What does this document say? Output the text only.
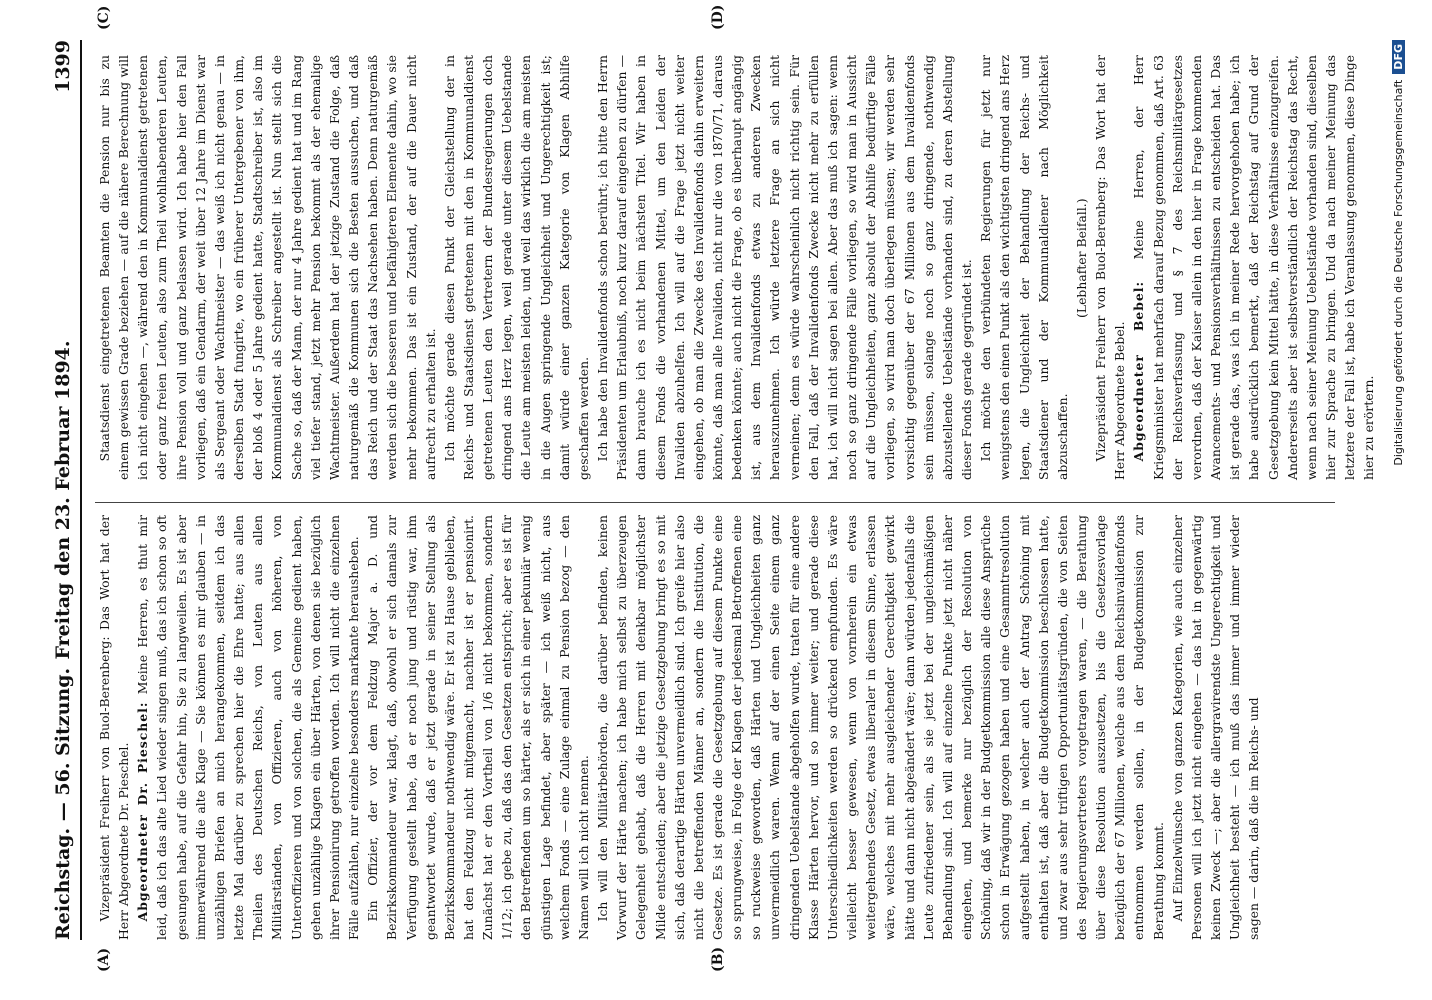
Reichstag. — 56. Sitzung.
Freitag den 23. Februar 1894.
1399
(A)	(B)
(C)	(D)

Vizepräsident Freiherr von Buol-Berenberg: Das Wort hat der Herr Abgeordnete Dr. Pieschel. Abgeordneter Dr. Pieschel: Meine Herren, es thut mir leid, daß ich das alte Lied wieder singen muß, das ich schon so oft gesungen habe, auf die Gefahr hin, Sie zu langweilen. Es ist aber immerwährend die alte Klage — Sie können es mir glauben — in unzähligen Briefen an mich herangekommen, seitdem ich das letzte Mal darüber zu sprechen hier die Ehre hatte; aus allen Theilen des Deutschen Reichs, von Leuten aus allen Militärständen, von Offizieren, auch von höheren, von Unteroffizieren und von solchen, die als Gemeine gedient haben, gehen unzählige Klagen ein über Härten, von denen sie bezüglich ihrer Pensionirung getroffen worden. Ich will nicht die einzelnen Fälle aufzählen, nur einzelne besonders markante herausheben. Ein Offizier, der vor dem Feldzug Major a. D. und Bezirkskommandeur war, klagt, daß, obwohl er sich damals zur Verfügung gestellt habe, da er noch jung und rüstig war, ihm geantwortet wurde, daß er jetzt gerade in seiner Stellung als Bezirkskommandeur nothwendig wäre. Er ist zu Hause geblieben, hat den Feldzug nicht mitgemacht, nachher ist er pensionirt. Zunächst hat er den Vortheil von 1/6 nicht bekommen, sondern 1/12; ich gebe zu, daß das den Gesetzen entspricht; aber es ist für den Betreffenden um so härter, als er sich in einer pekuniär wenig günstigen Lage befindet, aber später — ich weiß nicht, aus welchem Fonds — eine Zulage einmal zu Pension bezog — den Namen will ich nicht nennen. Ich will den Militärbehörden, die darüber befinden, keinen Vorwurf der Härte machen; ich habe mich selbst zu überzeugen Gelegenheit gehabt, daß die Herren mit denkbar möglichster Milde entscheiden; aber die jetzige Gesetzgebung bringt es so mit sich, daß derartige Härten unvermeidlich sind. Ich greife hier also nicht die betreffenden Männer an, sondern die Institution, die Gesetze. Es ist gerade die Gesetzgebung auf diesem Punkte eine so sprungweise, in Folge der Klagen der jedesmal Betroffenen eine so ruckweise geworden, daß Härten und Ungleichheiten ganz unvermeidlich waren. Wenn auf der einen Seite einem ganz dringenden Uebelstande abgeholfen wurde, traten für eine andere Klasse Härten hervor, und so immer weiter; und gerade diese Unterschiedlichkeiten werden so drückend empfunden. Es wäre vielleicht besser gewesen, wenn von vornherein ein etwas weitergehendes Gesetz, etwas liberaler in diesem Sinne, erlassen wäre, welches mit mehr ausgleichender Gerechtigkeit gewirkt hätte und dann nicht abgeändert wäre; dann würden jedenfalls die Leute zufriedener sein, als sie jetzt bei der ungleichmäßigen Behandlung sind. Ich will auf einzelne Punkte jetzt nicht näher eingehen, und bemerke nur bezüglich der Resolution von Schöning, daß wir in der Budgetkommission alle diese Ansprüche schon in Erwägung gezogen haben und eine Gesammtresolution aufgestellt haben, in welcher auch der Antrag Schöning mit enthalten ist, daß aber die Budgetkommission beschlossen hatte, und zwar aus sehr triftigen Opportunitätsgründen, die von Seiten des Regierungsvertreters vorgetragen waren, — die Berathung über diese Resolution auszusetzen, bis die Gesetzesvorlage bezüglich der 67 Millionen, welche aus dem Reichsinvalidenfonds entnommen werden sollen, in der Budgetkommission zur Berathung kommt. Auf Einzelwünsche von ganzen Kategorien, wie auch einzelner Personen will ich jetzt nicht eingehen — das hat in gegenwärtig keinen Zweck —; aber die allergravirendste Ungerechtigkeit und Ungleichheit besteht — ich muß das immer und immer wieder sagen — darin, daß die im Reichs- und

Staatsdienst eingetretenen Beamten die Pension nur bis zu einem gewissen Grade beziehen — auf die nähere Berechnung will ich nicht eingehen —, während den in Kommunaldienst getretenen oder ganz freien Leuten, also zum Theil wohlhabenderen Leuten, ihre Pension voll und ganz belassen wird. Ich habe hier den Fall vorliegen, daß ein Gendarm, der weit über 12 Jahre im Dienst war als Sergeant oder Wachtmeister — das weiß ich nicht genau — in derselben Stadt fungirte, wo ein früherer Untergebener von ihm, der bloß 4 oder 5 Jahre gedient hatte, Stadtschreiber ist, also im Kommunaldienst als Schreiber angestellt ist. Nun stellt sich die Sache so, daß der Mann, der nur 4 Jahre gedient hat und im Rang viel tiefer stand, jetzt mehr Pension bekommt als der ehemalige Wachtmeister. Außerdem hat der jetzige Zustand die Folge, daß naturgemäß die Kommunen sich die Besten aussuchen, und daß das Reich und der Staat das Nachsehen haben. Denn naturgemäß werden sich die besseren und befähigteren Elemente dahin, wo sie mehr bekommen. Das ist ein Zustand, der auf die Dauer nicht aufrecht zu erhalten ist. Ich möchte gerade diesen Punkt der Gleichstellung der in Reichs- und Staatsdienst getretenen mit den in Kommunaldienst getretenen Leuten den Vertretern der Bundesregierungen doch dringend ans Herz legen, weil gerade unter diesem Uebelstande die Leute am meisten leiden, und weil das wirklich die am meisten in die Augen springende Ungleichheit und Ungerechtigkeit ist; damit würde einer ganzen Kategorie von Klagen Abhilfe geschaffen werden. Ich habe den Invalidenfonds schon berührt; ich bitte den Herrn Präsidenten um Erlaubniß, noch kurz darauf eingehen zu dürfen — dann brauche ich es nicht beim nächsten Titel. Wir haben in diesem Fonds die vorhandenen Mittel, um den Leiden der Invaliden abzuhelfen. Ich will auf die Frage jetzt nicht weiter eingehen, ob man die Zwecke des Invalidenfonds dahin erweitern könnte, daß man alle Invaliden, nicht nur die von 1870/71, daraus bedenken könnte; auch nicht die Frage, ob es überhaupt angängig ist, aus dem Invalidenfonds etwas zu anderen Zwecken herauszunehmen. Ich würde letztere Frage an sich nicht verneinen; denn es würde wahrscheinlich nicht richtig sein. Für den Fall, daß der Invalidenfonds Zwecke nicht mehr zu erfüllen hat, ich will nicht sagen bei allen. Aber das muß ich sagen: wenn noch so ganz dringende Fälle vorliegen, so wird man in Aussicht auf die Ungleichheiten, ganz absolut der Abhilfe bedürftige Fälle vorliegen, so wird man doch überlegen müssen; wir werden sehr vorsichtig gegenüber der 67 Millionen aus dem Invalidenfonds sein müssen, solange noch so ganz dringende, nothwendig abzustellende Uebelstände vorhanden sind, zu deren Abstellung dieser Fonds gerade gegründet ist. Ich möchte den verbündeten Regierungen für jetzt nur wenigstens den einen Punkt als den wichtigsten dringend ans Herz legen, die Ungleichheit der Behandlung der Reichs- und Staatsdiener und der Kommunaldiener nach Möglichkeit abzuschaffen.

(Lebhafter Beifall.) Vizepräsident Freiherr von Buol-Berenberg: Das Wort hat der Herr Abgeordnete Bebel. Abgeordneter Bebel: Meine Herren, der Herr Kriegsminister hat mehrfach darauf Bezug genommen, daß Art. 63 der Reichsverfassung und § 7 des Reichsmilitärgesetzes verordnen, daß der Kaiser allein in den hier in Frage kommenden Avancements- und Pensionsverhältnissen zu entscheiden hat. Das ist gerade das, was ich in meiner Rede hervorgehoben habe; ich habe ausdrücklich bemerkt, daß der Reichstag auf Grund der Gesetzgebung kein Mittel hätte, in diese Verhältnisse einzugreifen. Andererseits aber ist selbstverständlich der Reichstag das Recht, wenn nach seiner Meinung Uebelstände vorhanden sind, dieselben hier zur Sprache zu bringen. Und da nach meiner Meinung das letztere der Fall ist, habe ich Veranlassung genommen, diese Dinge hier zu erörtern. Digitalisierung gefördert durch die Deutsche ForschungsgemeinschaftDFG
